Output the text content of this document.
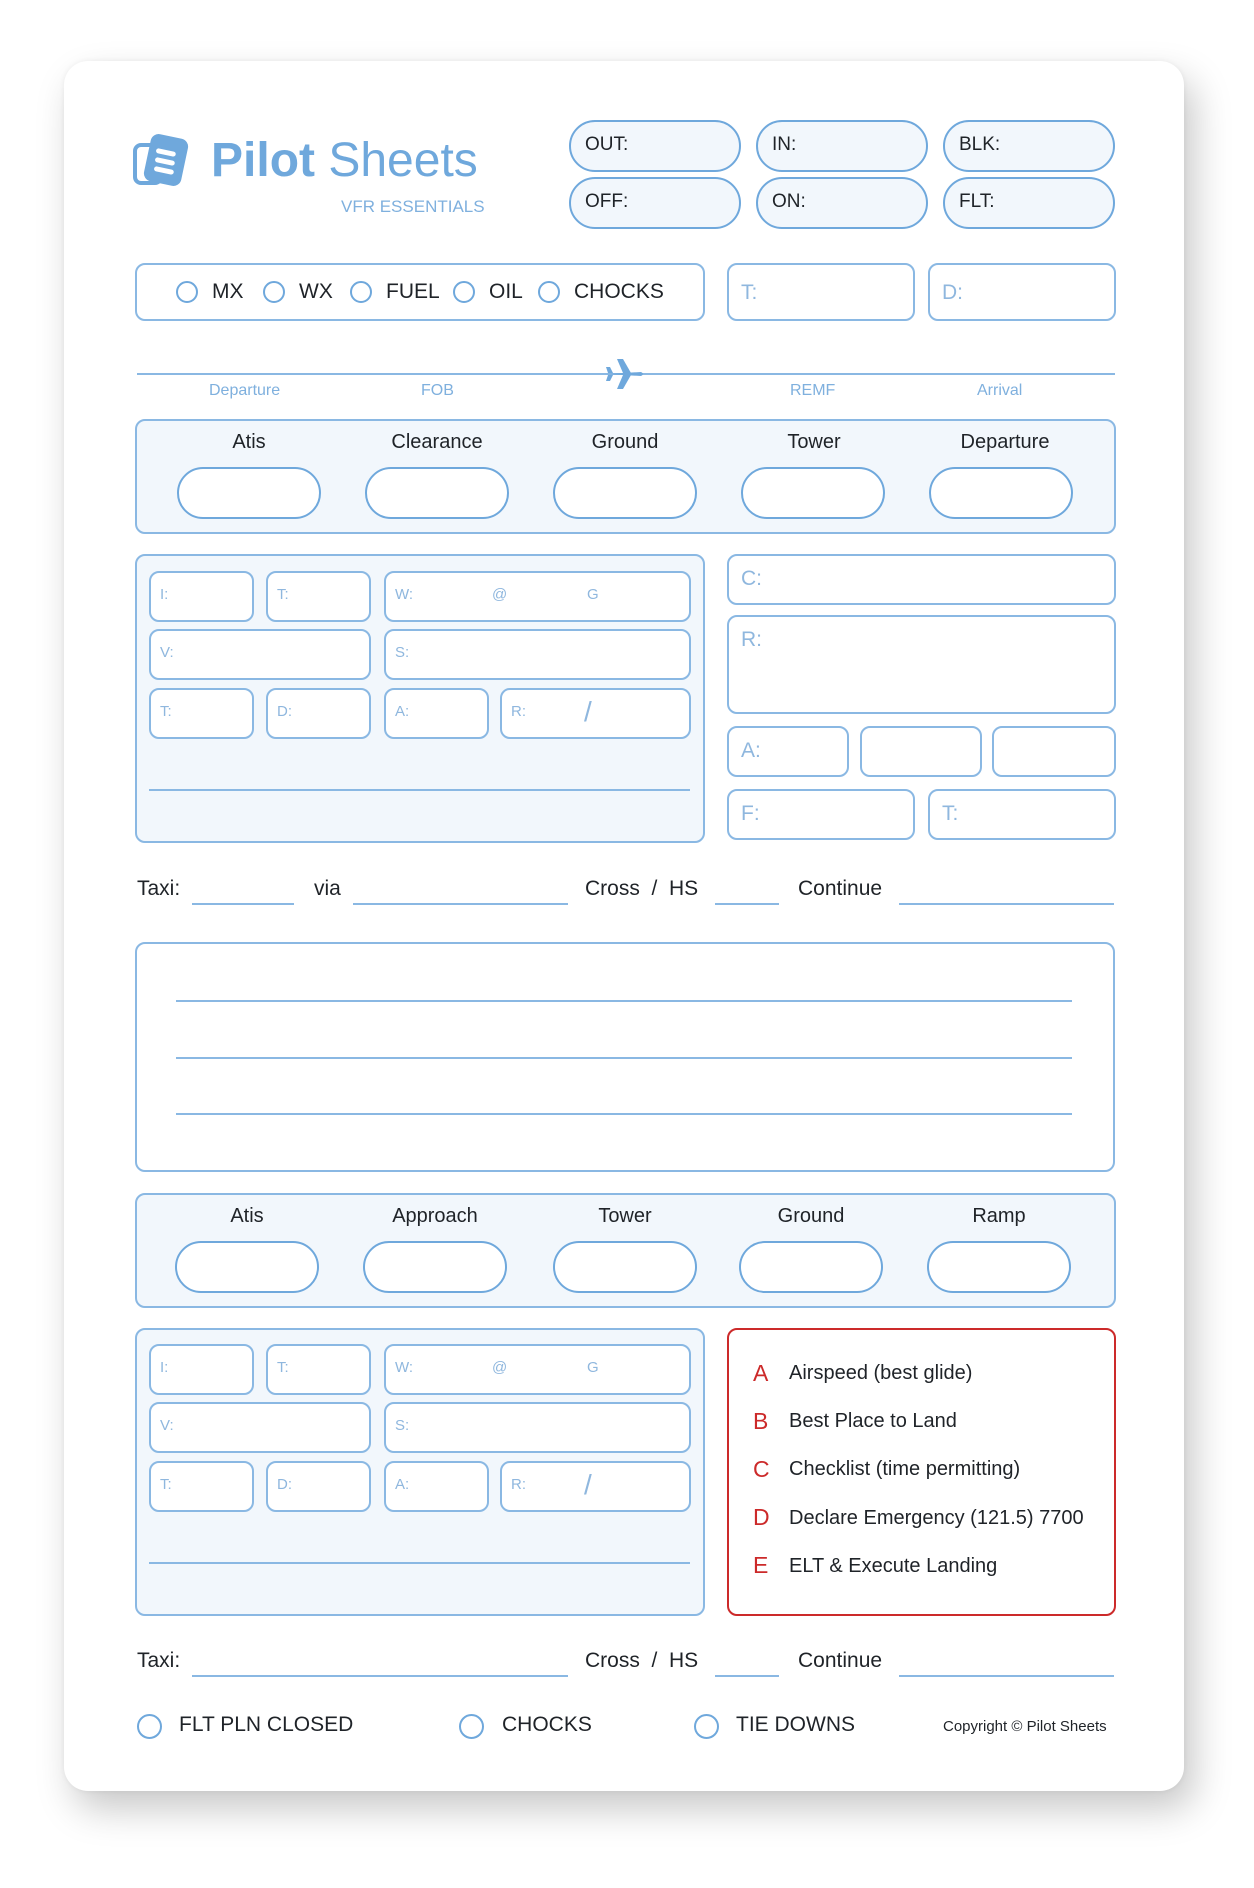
Pilot Sheets
VFR ESSENTIALS
OUT:	IN:	BLK:
OFF:	ON:	FLT:
MX	WX	FUEL OIL CHOCKS	T:	D:
Departure	FOB	REMF	Arrival
Atis	Clearance	Ground	Tower	Departure
I:	T:	W:	@	G
V:	S:
T:	D:	A:	R: /
C:
R:
A:
F:	T:
Taxi:	via	Cross  /  HS	Continue
Atis	Approach	Tower	Ground	Ramp
I:	T:	W:	@	G
V:	S:
T:	D:	A:	R: /
A Airspeed (best glide)
B Best Place to Land
C Checklist (time permitting)
D Declare Emergency (121.5) 7700
E ELT & Execute Landing
Taxi:	Cross  /  HS	Continue
FLT PLN CLOSED	CHOCKS	TIE DOWNS	Copyright © Pilot Sheets
